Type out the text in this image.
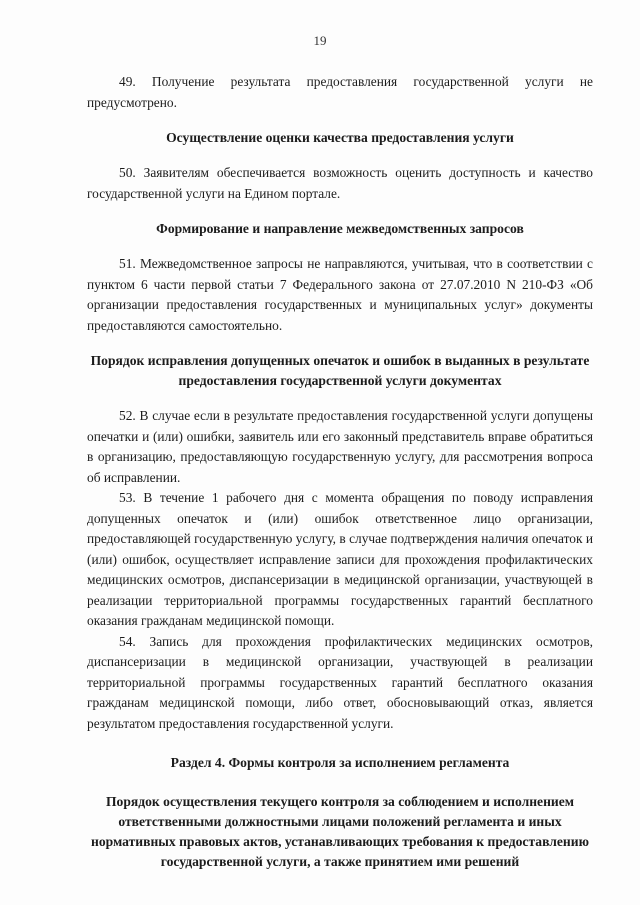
19

49. Получение результата предоставления государственной услуги не предусмотрено.

Осуществление оценки качества предоставления услуги

50. Заявителям обеспечивается возможность оценить доступность и качество государственной услуги на Едином портале.

Формирование и направление межведомственных запросов

51. Межведомственное запросы не направляются, учитывая, что в соответствии с пунктом 6 части первой статьи 7 Федерального закона от 27.07.2010 N 210-ФЗ «Об организации предоставления государственных и муниципальных услуг» документы предоставляются самостоятельно.

Порядок исправления допущенных опечаток и ошибок в выданных в результате предоставления государственной услуги документах

52. В случае если в результате предоставления государственной услуги допущены опечатки и (или) ошибки, заявитель или его законный представитель вправе обратиться в организацию, предоставляющую государственную услугу, для рассмотрения вопроса об исправлении.

53. В течение 1 рабочего дня с момента обращения по поводу исправления допущенных опечаток и (или) ошибок ответственное лицо организации, предоставляющей государственную услугу, в случае подтверждения наличия опечаток и (или) ошибок, осуществляет исправление записи для прохождения профилактических медицинских осмотров, диспансеризации в медицинской организации, участвующей в реализации территориальной программы государственных гарантий бесплатного оказания гражданам медицинской помощи.

54. Запись для прохождения профилактических медицинских осмотров, диспансеризации в медицинской организации, участвующей в реализации территориальной программы государственных гарантий бесплатного оказания гражданам медицинской помощи, либо ответ, обосновывающий отказ, является результатом предоставления государственной услуги.

Раздел 4. Формы контроля за исполнением регламента

Порядок осуществления текущего контроля за соблюдением и исполнением ответственными должностными лицами положений регламента и иных нормативных правовых актов, устанавливающих требования к предоставлению государственной услуги, а также принятием ими решений
